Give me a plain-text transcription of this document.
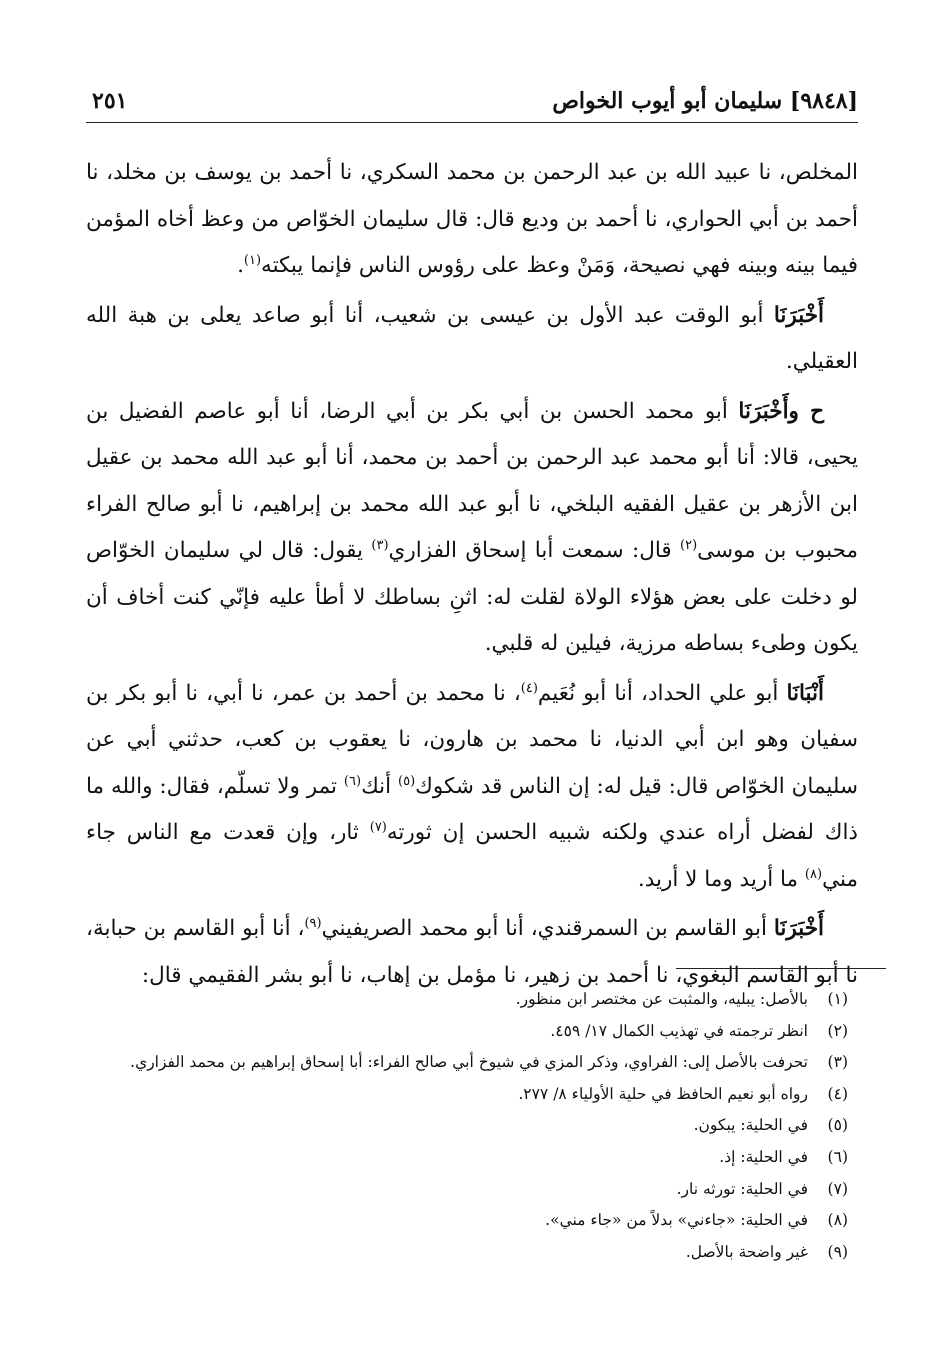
[٩٨٤٨] سليمان أبو أيوب الخواص
٢٥١

المخلص، نا عبيد الله بن عبد الرحمن بن محمد السكري، نا أحمد بن يوسف بن مخلد، نا أحمد بن أبي الحواري، نا أحمد بن وديع قال: قال سليمان الخوّاص من وعظ أخاه المؤمن فيما بينه وبينه فهي نصيحة، وَمَنْ وعظ على رؤوس الناس فإنما يبكته$^{(١)}$.

أَخْبَرَنَا أبو الوقت عبد الأول بن عيسى بن شعيب، أنا أبو صاعد يعلى بن هبة الله العقيلي.

ح وأَخْبَرَنَا أبو محمد الحسن بن أبي بكر بن أبي الرضا، أنا أبو عاصم الفضيل بن يحيى، قالا: أنا أبو محمد عبد الرحمن بن أحمد بن محمد، أنا أبو عبد الله محمد بن عقيل ابن الأزهر بن عقيل الفقيه البلخي، نا أبو عبد الله محمد بن إبراهيم، نا أبو صالح الفراء محبوب بن موسى$^{(٢)}$ قال: سمعت أبا إسحاق الفزاري$^{(٣)}$ يقول: قال لي سليمان الخوّاص لو دخلت على بعض هؤلاء الولاة لقلت له: اثنِ بساطك لا أطأ عليه فإنّي كنت أخاف أن يكون وطىء بساطه مرزية، فيلين له قلبي.

أَنْبَانَا أبو علي الحداد، أنا أبو نُعَيم$^{(٤)}$، نا محمد بن أحمد بن عمر، نا أبي، نا أبو بكر بن سفيان وهو ابن أبي الدنيا، نا محمد بن هارون، نا يعقوب بن كعب، حدثني أبي عن سليمان الخوّاص قال: قيل له: إن الناس قد شكوك$^{(٥)}$ أنك$^{(٦)}$ تمر ولا تسلّم، فقال: والله ما ذاك لفضل أراه عندي ولكنه شبيه الحسن إن ثورته$^{(٧)}$ ثار، وإن قعدت مع الناس جاء مني$^{(٨)}$ ما أريد وما لا أريد.

أَخْبَرَنَا أبو القاسم بن السمرقندي، أنا أبو محمد الصريفيني$^{(٩)}$، أنا أبو القاسم بن حبابة، نا أبو القاسم البغوي، نا أحمد بن زهير، نا مؤمل بن إهاب، نا أبو بشر الفقيمي قال:

(١)
بالأصل: يبليه، والمثبت عن مختصر ابن منظور.
(٢)
انظر ترجمته في تهذيب الكمال ١٧/ ٤٥٩.
(٣)
تحرفت بالأصل إلى: الفراوي، وذكر المزي في شيوخ أبي صالح الفراء: أبا إسحاق إبراهيم بن محمد الفزاري.
(٤)
رواه أبو نعيم الحافظ في حلية الأولياء ٨/ ٢٧٧.
(٥)
في الحلية: يبكون.
(٦)
في الحلية: إذ.
(٧)
في الحلية: تورثه نار.
(٨)
في الحلية: «جاءني» بدلاً من «جاء مني».
(٩)
غير واضحة بالأصل.
